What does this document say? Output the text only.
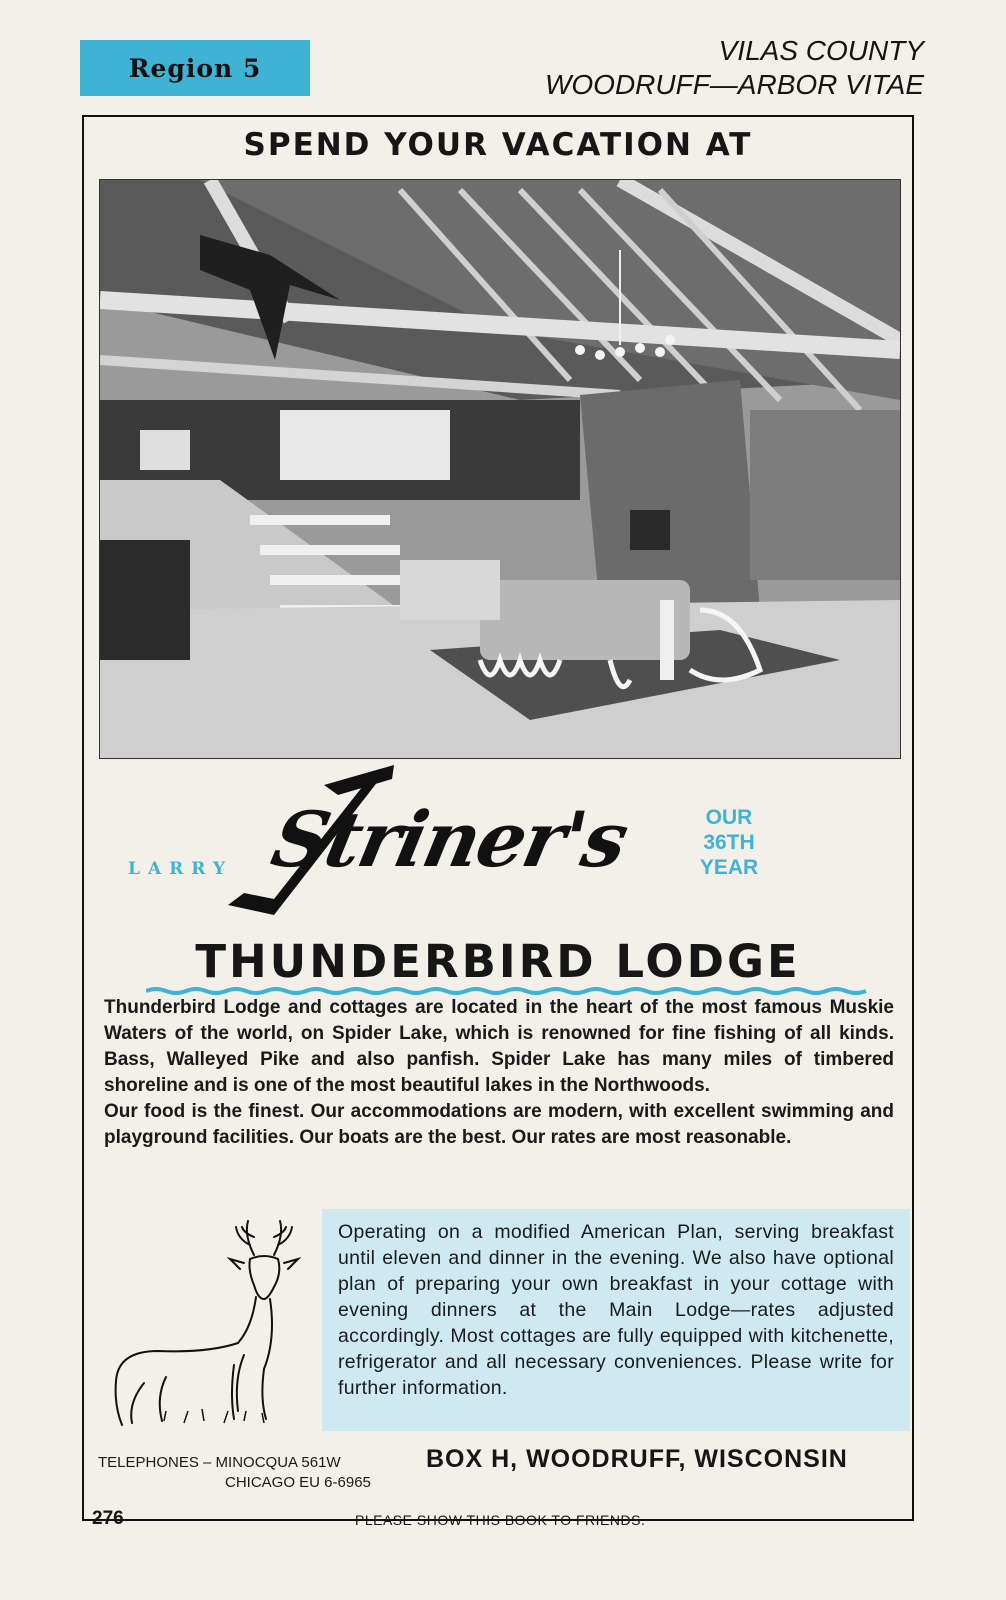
Region 5
VILAS COUNTY
WOODRUFF—ARBOR VITAE
SPEND YOUR VACATION AT
LARRY Striner's	OUR
36TH
YEAR
THUNDERBIRD LODGE

Thunderbird Lodge and cottages are located in the heart of the most famous Muskie Waters of the world, on Spider Lake, which is renowned for fine fishing of all kinds. Bass, Walleyed Pike and also panfish. Spider Lake has many miles of timbered shoreline and is one of the most beautiful lakes in the Northwoods.

Our food is the finest. Our accommodations are modern, with excellent swimming and playground facilities. Our boats are the best. Our rates are most reasonable.

Operating on a modified American Plan, serving breakfast until eleven and dinner in the evening. We also have optional plan of preparing your own breakfast in your cottage with evening dinners at the Main Lodge—rates adjusted accordingly. Most cottages are fully equipped with kitchenette, refrigerator and all necessary conveniences. Please write for further information.
TELEPHONES – MINOCQUA 561W
CHICAGO EU 6-6965
BOX H, WOODRUFF, WISCONSIN
276	PLEASE SHOW THIS BOOK TO FRIENDS.
